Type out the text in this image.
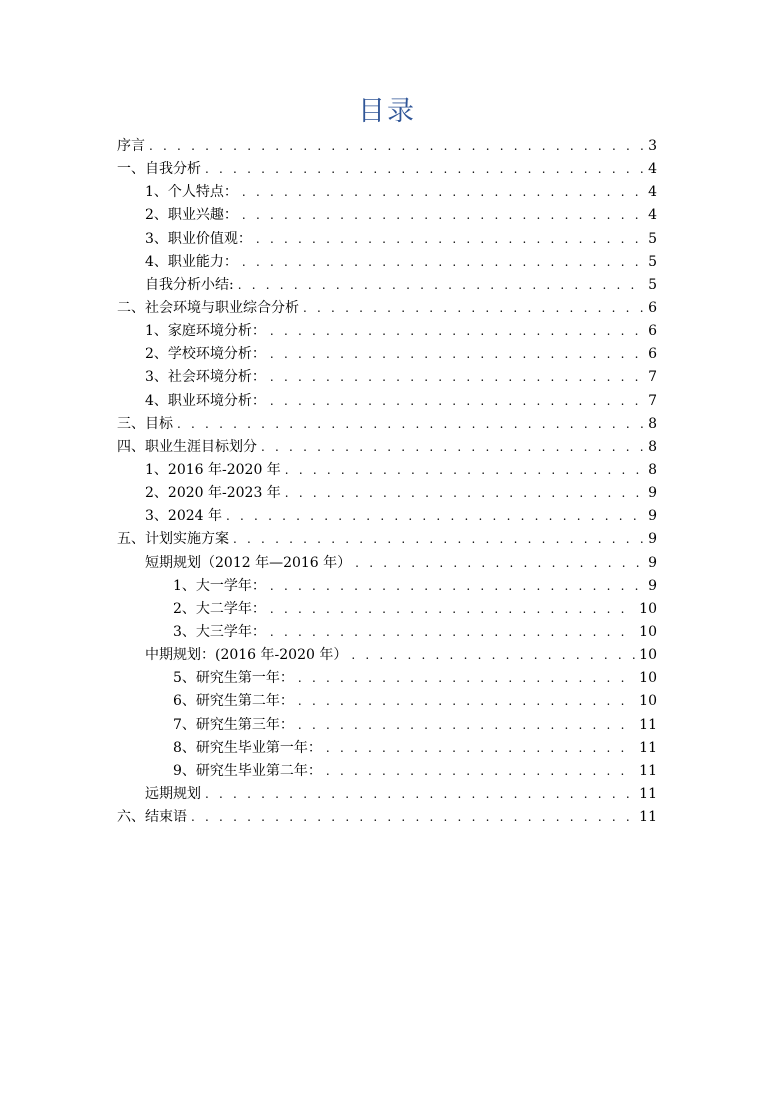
目录
序言 . . .	3
一、自我分析 . . .	4
1、个人特点： . . .	4
2、职业兴趣： . . .	4
3、职业价值观： . . .	5
4、职业能力： . . .	5
自我分析小结: . . .	5
二、社会环境与职业综合分析 . . .	6
1、家庭环境分析： . . .	6
2、学校环境分析： . . .	6
3、社会环境分析： . . .	7
4、职业环境分析： . . .	7
三、目标 . . .	8
四、职业生涯目标划分 . . .	8
1、2016 年-2020 年 . . .	8
2、2020 年-2023 年 . . .	9
3、2024 年 . . .	9
五、计划实施方案 . . .	9
短期规划（2012 年—2016 年） . . .	9
1、大一学年： . . .	9
2、大二学年： . . .	10
3、大三学年： . . .	10
中期规划：(2016 年-2020 年） . . .	10
5、研究生第一年： . . .	10
6、研究生第二年： . . .	10
7、研究生第三年： . . .	11
8、研究生毕业第一年： . . .	11
9、研究生毕业第二年： . . .	11
远期规划 . . .	11
六、结束语 . . .	11
